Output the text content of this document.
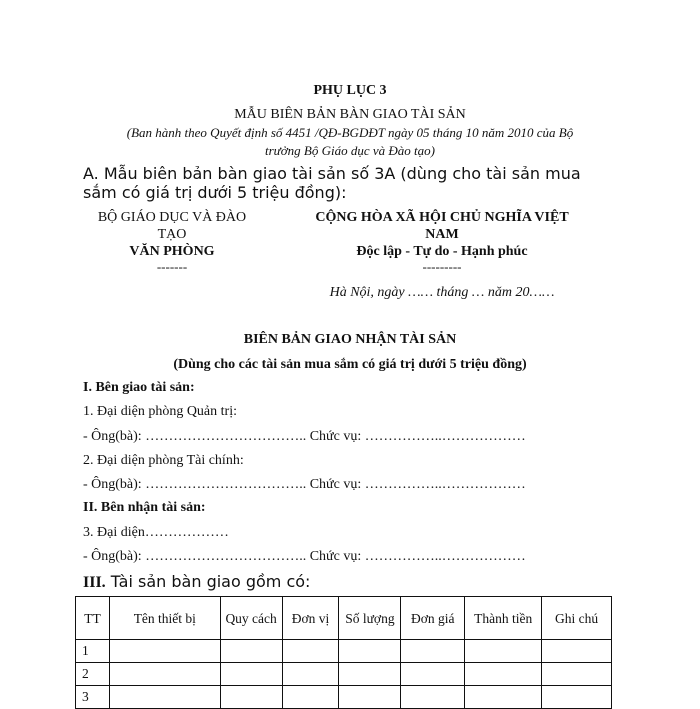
PHỤ LỤC 3
MẪU BIÊN BẢN BÀN GIAO TÀI SẢN
(Ban hành theo Quyết định số 4451 /QĐ-BGDĐT ngày 05 tháng 10 năm 2010 của Bộ
trưởng Bộ Giáo dục và Đào tạo)
A. Mẫu biên bản bàn giao tài sản số 3A (dùng cho tài sản mua
sắm có giá trị dưới 5 triệu đồng):
BỘ GIÁO DỤC VÀ ĐÀO
TẠO
VĂN PHÒNG
-------
CỘNG HÒA XÃ HỘI CHỦ NGHĨA VIỆT
NAM
Độc lập - Tự do - Hạnh phúc
---------
Hà Nội, ngày …… tháng … năm 20……
BIÊN BẢN GIAO NHẬN TÀI SẢN
(Dùng cho các tài sản mua sắm có giá trị dưới 5 triệu đồng)
I. Bên giao tài sản:
1. Đại diện phòng Quản trị:
- Ông(bà): …………………………….. Chức vụ: ……………..………………
2. Đại diện phòng Tài chính:
- Ông(bà): …………………………….. Chức vụ: ……………..………………
II. Bên nhận tài sản:
3. Đại diện………………
- Ông(bà): …………………………….. Chức vụ: ……………..………………
III. Tài sản bàn giao gồm có:
TT	Tên thiết bị	Quy cách	Đơn vị	Số lượng	Đơn giá	Thành tiền	Ghi chú
1							
2							
3							
